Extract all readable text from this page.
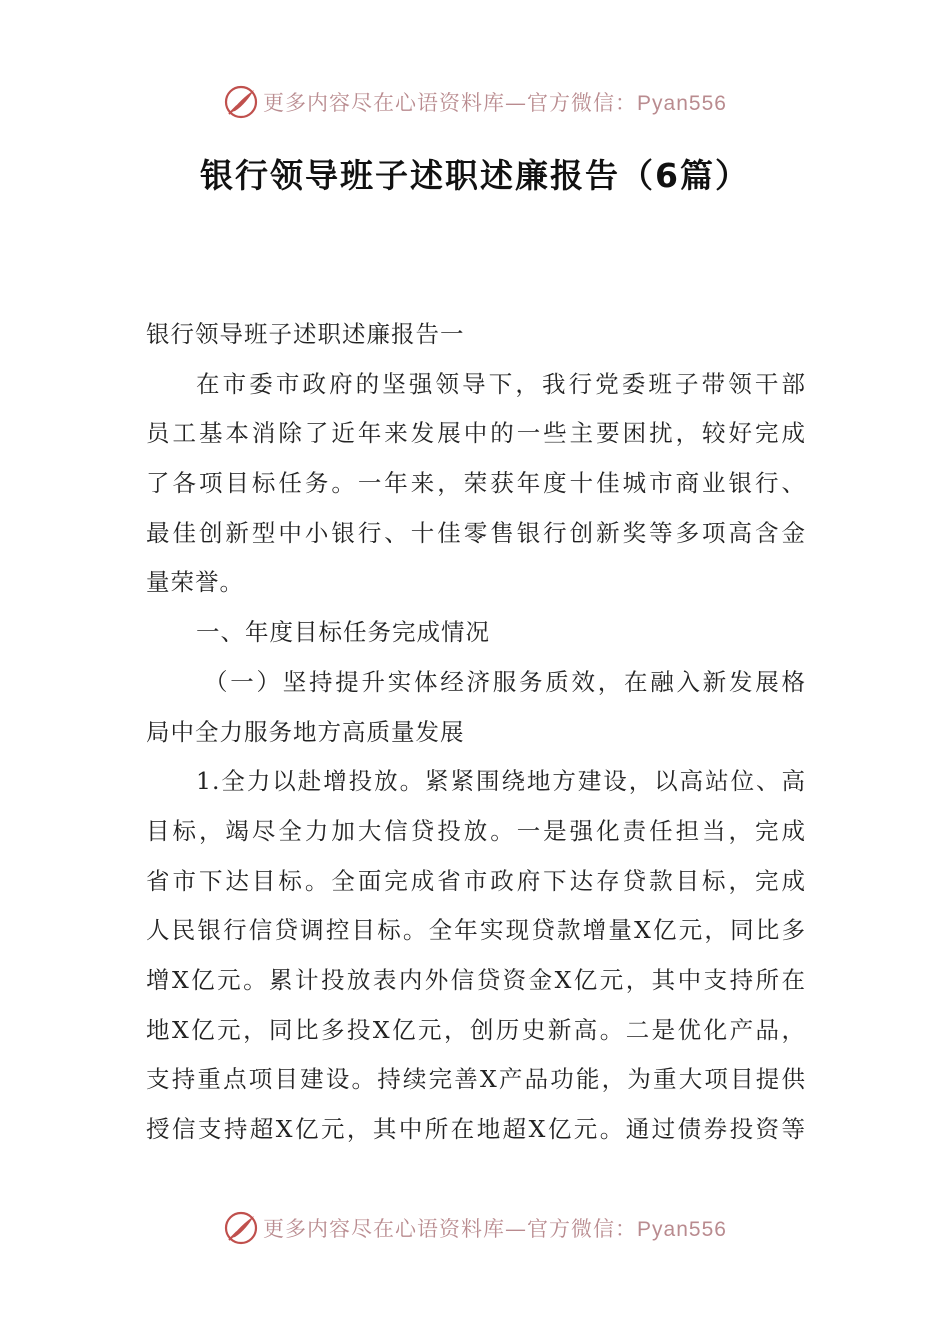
更多内容尽在心语资料库—官方微信：Pyan556
银行领导班子述职述廉报告（6篇）
银行领导班子述职述廉报告一
在市委市政府的坚强领导下，我行党委班子带领干部
员工基本消除了近年来发展中的一些主要困扰，较好完成
了各项目标任务。一年来，荣获年度十佳城市商业银行、
最佳创新型中小银行、十佳零售银行创新奖等多项高含金
量荣誉。
一、年度目标任务完成情况
（一）坚持提升实体经济服务质效，在融入新发展格
局中全力服务地方高质量发展
1.全力以赴增投放。紧紧围绕地方建设，以高站位、高
目标，竭尽全力加大信贷投放。一是强化责任担当，完成
省市下达目标。全面完成省市政府下达存贷款目标，完成
人民银行信贷调控目标。全年实现贷款增量X亿元，同比多
增X亿元。累计投放表内外信贷资金X亿元，其中支持所在
地X亿元，同比多投X亿元，创历史新高。二是优化产品，
支持重点项目建设。持续完善X产品功能，为重大项目提供
授信支持超X亿元，其中所在地超X亿元。通过债券投资等
更多内容尽在心语资料库—官方微信：Pyan556
